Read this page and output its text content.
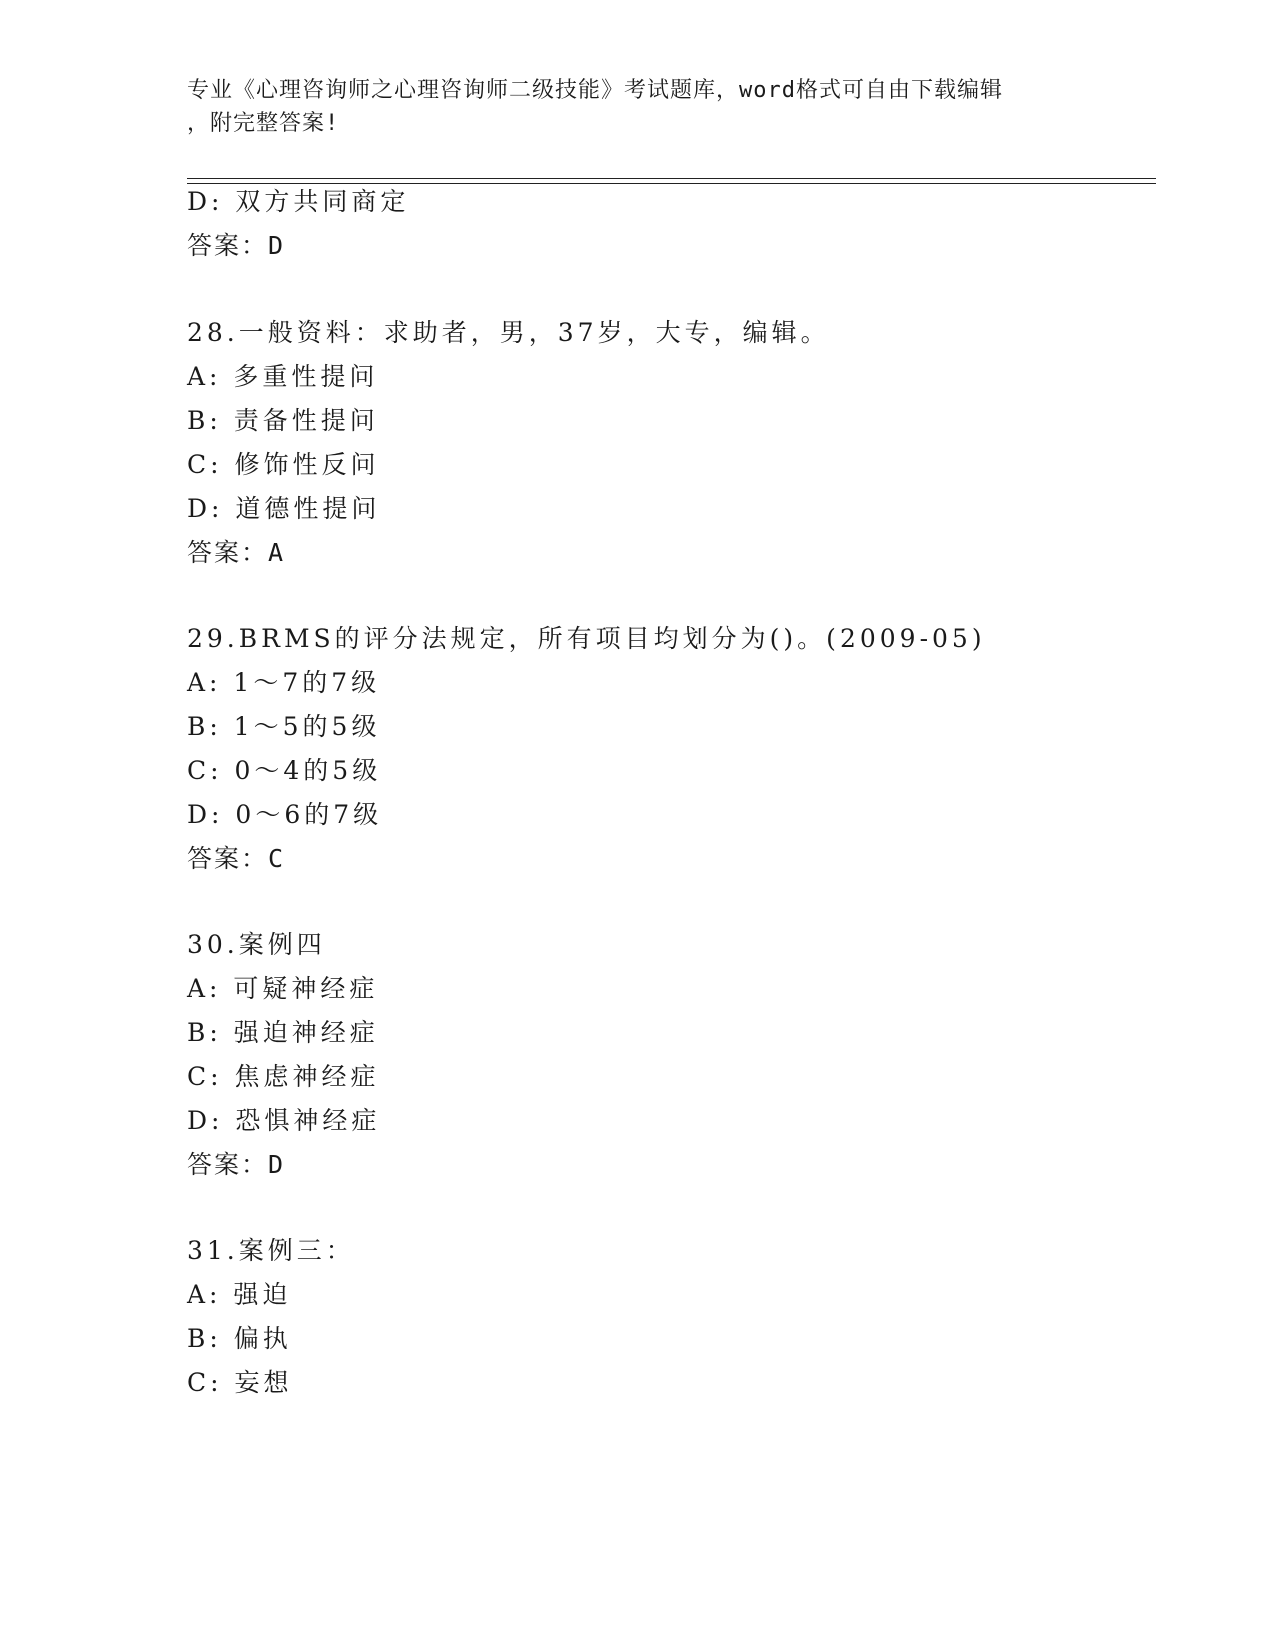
专业《心理咨询师之心理咨询师二级技能》考试题库，word格式可自由下载编辑
，附完整答案!
D: 双方共同商定
答案：D
28.一般资料：求助者，男，37岁，大专，编辑。
A: 多重性提问
B: 责备性提问
C: 修饰性反问
D: 道德性提问
答案：A
29.BRMS的评分法规定，所有项目均划分为()。(2009-05)
A: 1～7的7级
B: 1～5的5级
C: 0～4的5级
D: 0～6的7级
答案：C
30.案例四
A: 可疑神经症
B: 强迫神经症
C: 焦虑神经症
D: 恐惧神经症
答案：D
31.案例三：
A: 强迫
B: 偏执
C: 妄想
